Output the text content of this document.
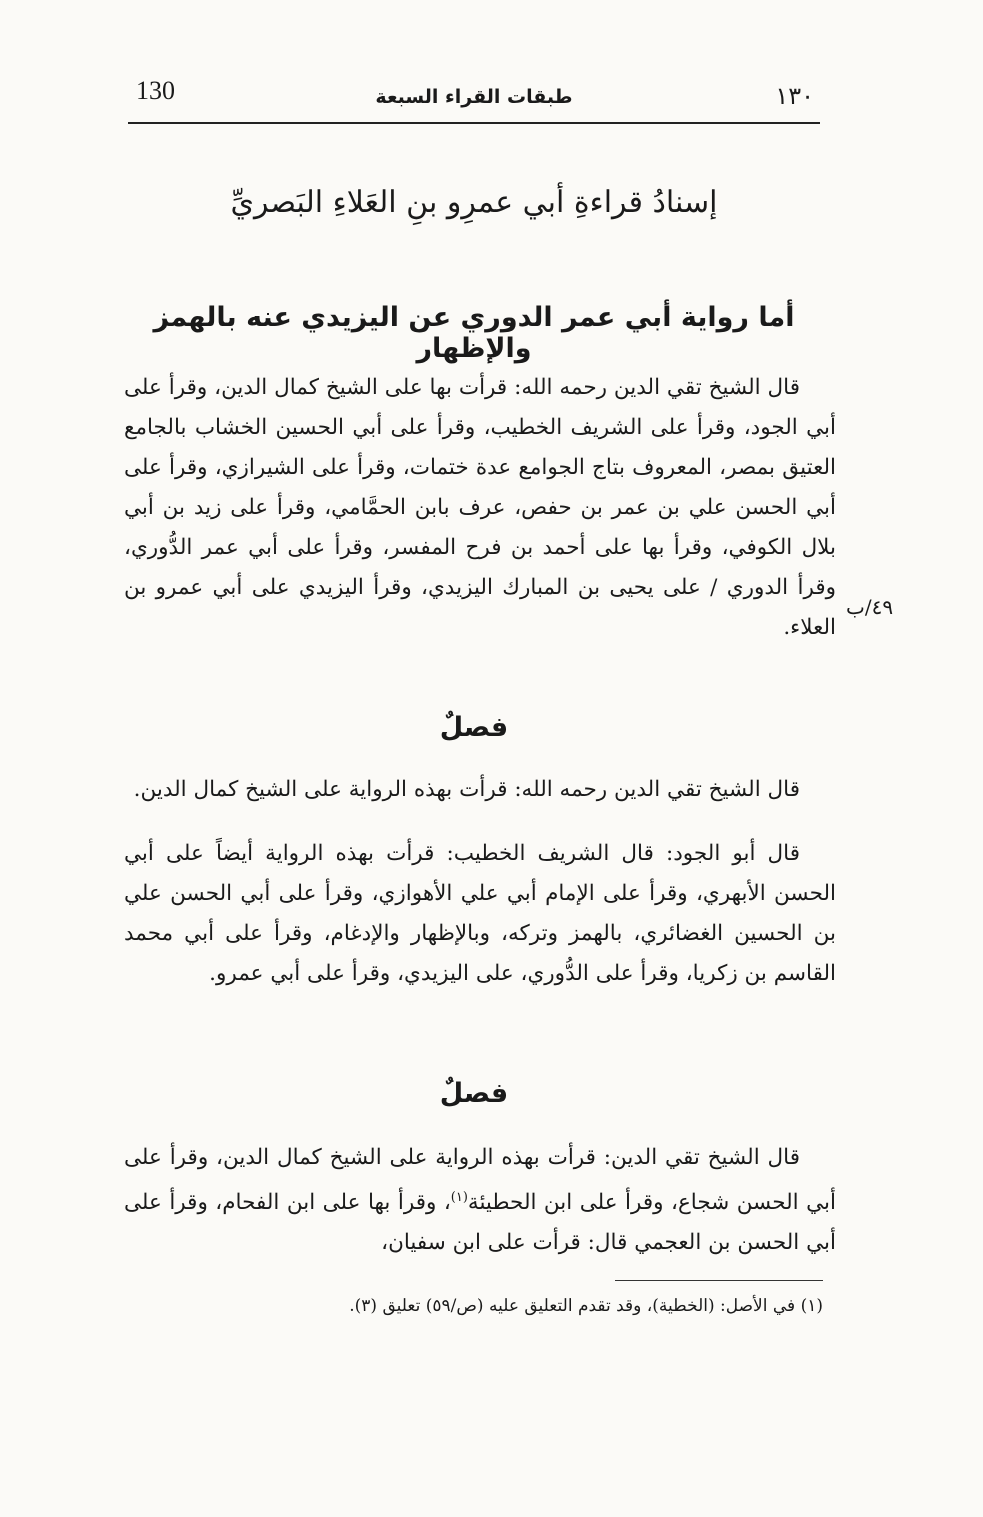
130	طبقات القراء السبعة	١٣٠
إسنادُ قراءةِ أبي عمرِو بنِ العَلاءِ البَصريِّ
أما رواية أبي عمر الدوري عن اليزيدي عنه بالهمز والإظهار

قال الشيخ تقي الدين رحمه الله: قرأت بها على الشيخ كمال الدين، وقرأ على أبي الجود، وقرأ على الشريف الخطيب، وقرأ على أبي الحسين الخشاب بالجامع العتيق بمصر، المعروف بتاج الجوامع عدة ختمات، وقرأ على الشيرازي، وقرأ على أبي الحسن علي بن عمر بن حفص، عرف بابن الحمَّامي، وقرأ على زيد بن أبي بلال الكوفي، وقرأ بها على أحمد بن فرح المفسر، وقرأ على أبي عمر الدُّوري، وقرأ الدوري / على يحيى بن المبارك اليزيدي، وقرأ اليزيدي على أبي عمرو بن العلاء.

٤٩/ب
فصلٌ

قال الشيخ تقي الدين رحمه الله: قرأت بهذه الرواية على الشيخ كمال الدين.

قال أبو الجود: قال الشريف الخطيب: قرأت بهذه الرواية أيضاً على أبي الحسن الأبهري، وقرأ على الإمام أبي علي الأهوازي، وقرأ على أبي الحسن علي بن الحسين الغضائري، بالهمز وتركه، وبالإظهار والإدغام، وقرأ على أبي محمد القاسم بن زكريا، وقرأ على الدُّوري، على اليزيدي، وقرأ على أبي عمرو.

فصلٌ

قال الشيخ تقي الدين: قرأت بهذه الرواية على الشيخ كمال الدين، وقرأ على أبي الحسن شجاع، وقرأ على ابن الحطيئة$^{(١)}$، وقرأ بها على ابن الفحام، وقرأ على أبي الحسن بن العجمي قال: قرأت على ابن سفيان،

(١) في الأصل: (الخطية)، وقد تقدم التعليق عليه (ص/٥٩) تعليق (٣).
